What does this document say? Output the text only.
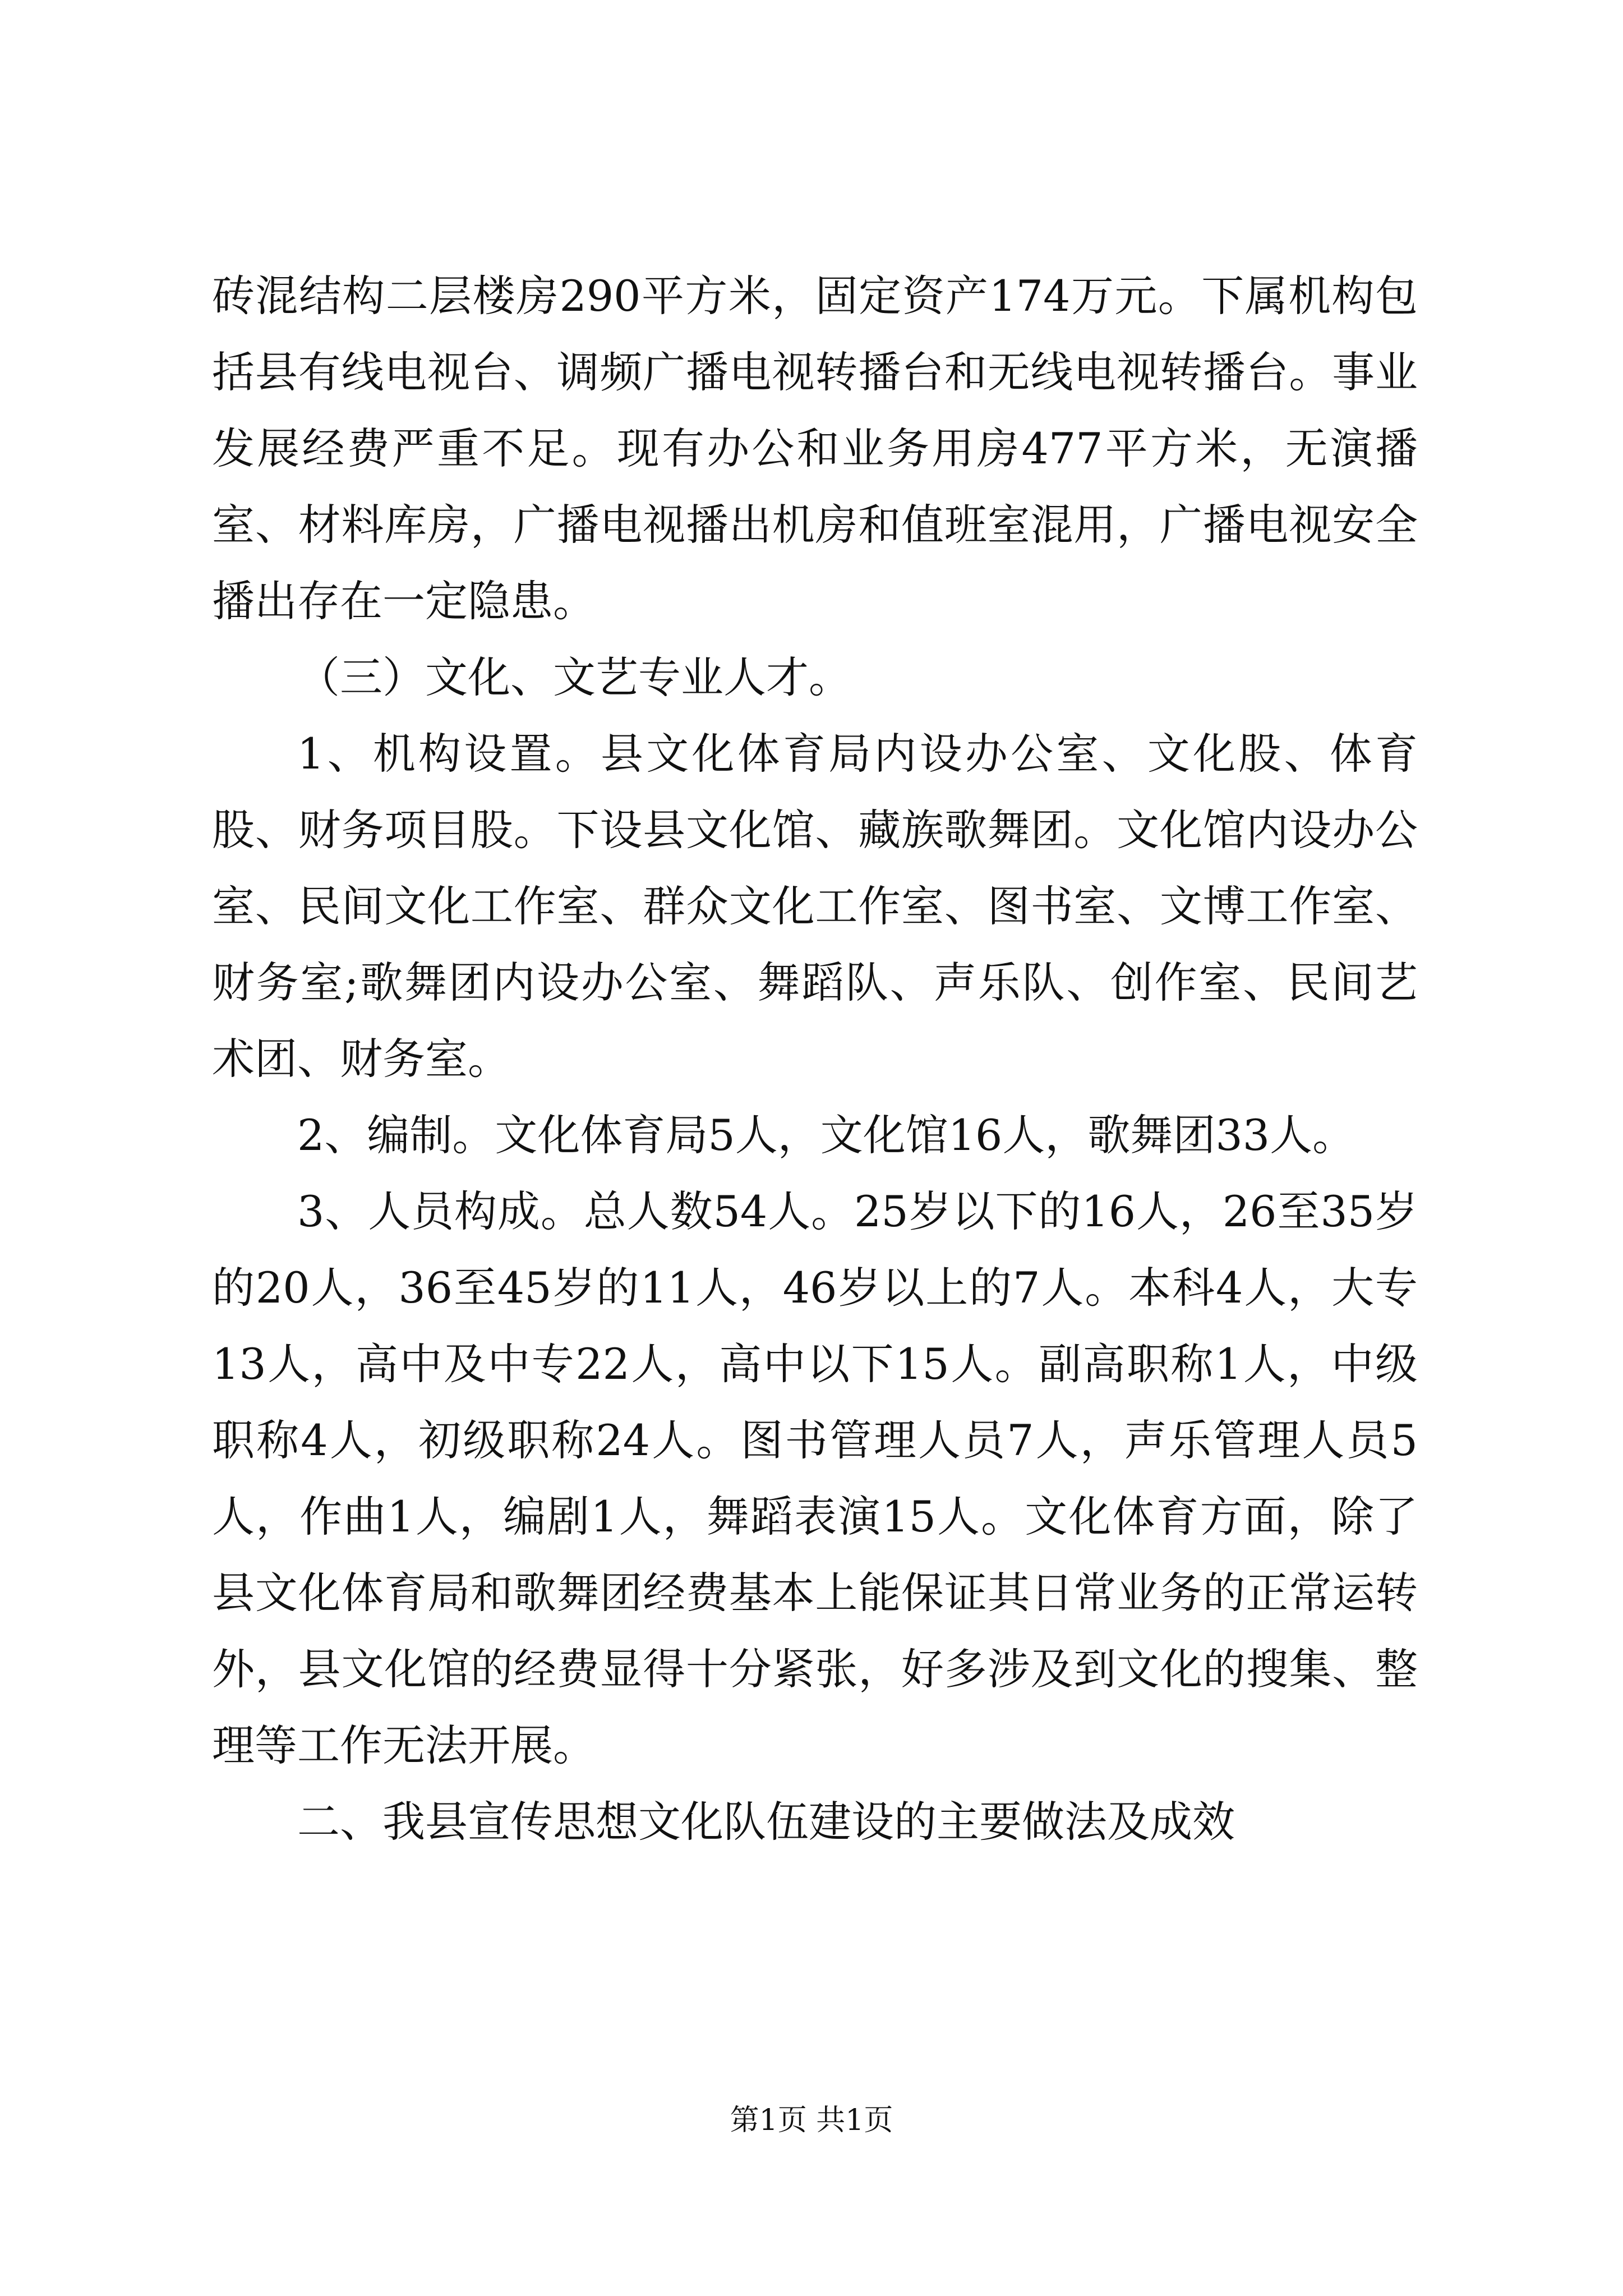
砖混结构二层楼房290平方米，固定资产174万元。下属机构包括县有线电视台、调频广播电视转播台和无线电视转播台。事业发展经费严重不足。现有办公和业务用房477平方米，无演播室、材料库房，广播电视播出机房和值班室混用，广播电视安全播出存在一定隐患。

（三）文化、文艺专业人才。

1、机构设置。县文化体育局内设办公室、文化股、体育股、财务项目股。下设县文化馆、藏族歌舞团。文化馆内设办公室、民间文化工作室、群众文化工作室、图书室、文博工作室、财务室;歌舞团内设办公室、舞蹈队、声乐队、创作室、民间艺术团、财务室。

2、编制。文化体育局5人，文化馆16人，歌舞团33人。

3、人员构成。总人数54人。25岁以下的16人，26至35岁的20人，36至45岁的11人，46岁以上的7人。本科4人，大专13人，高中及中专22人，高中以下15人。副高职称1人，中级职称4人，初级职称24人。图书管理人员7人，声乐管理人员5人，作曲1人，编剧1人，舞蹈表演15人。文化体育方面，除了县文化体育局和歌舞团经费基本上能保证其日常业务的正常运转外，县文化馆的经费显得十分紧张，好多涉及到文化的搜集、整理等工作无法开展。

二、我县宣传思想文化队伍建设的主要做法及成效

第1页 共1页
